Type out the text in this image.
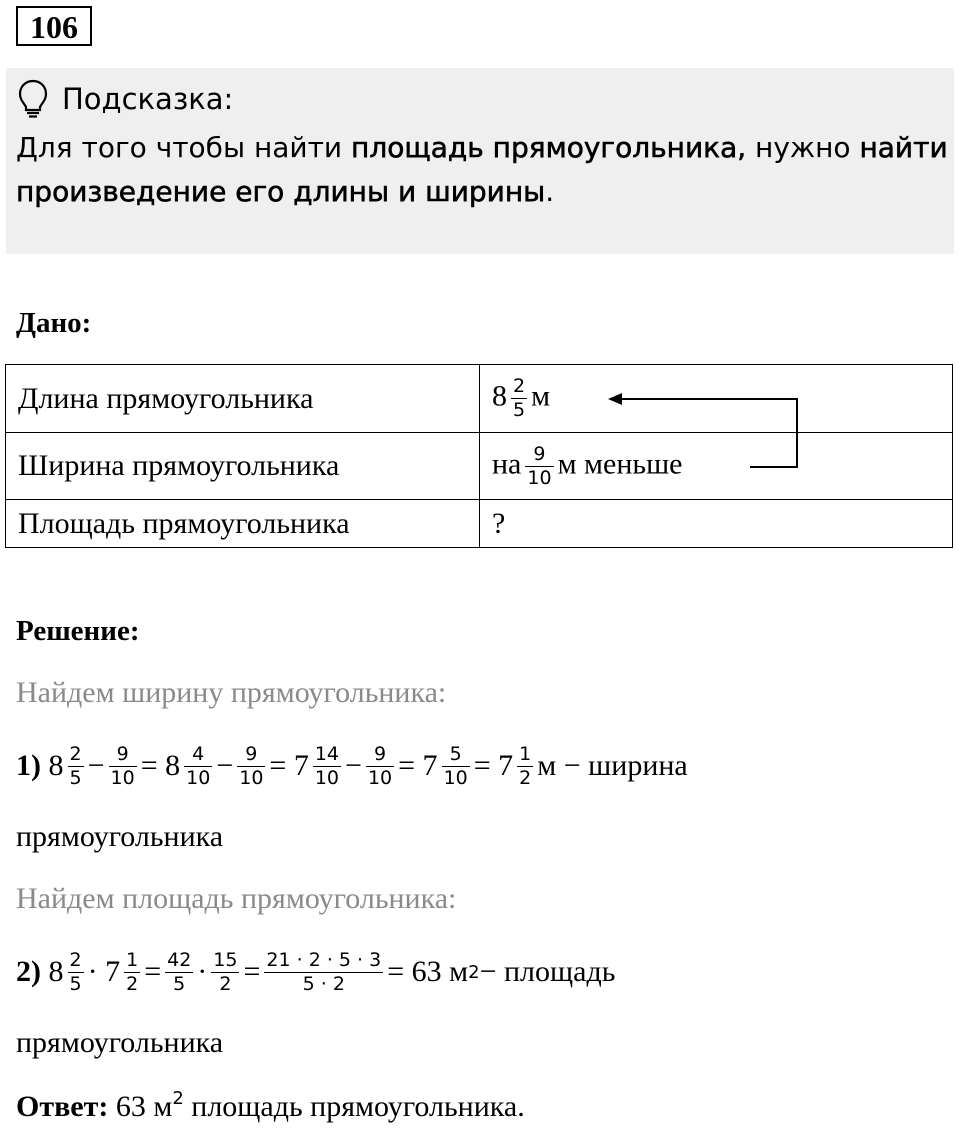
106
Подсказка:
Для того чтобы найти площадь прямоугольника, нужно найти произведение его длины и ширины.
Дано:
Длина прямоугольника	$8 \frac{2}{5}$ м
Ширина прямоугольника	на $\frac{9}{10}$ м меньше
Площадь прямоугольника	?
Решение:
Найдем ширину прямоугольника:
1) $8 \frac{2}{5} - \frac{9}{10} = 8 \frac{4}{10} - \frac{9}{10} = 7 \frac{14}{10} - \frac{9}{10} = 7 \frac{5}{10} = 7 \frac{1}{2}$ м − ширина
прямоугольника
Найдем площадь прямоугольника:
2) $8 \frac{2}{5} \cdot 7 \frac{1}{2} = \frac{42}{5} \cdot \frac{15}{2} = \frac{21 \cdot 2 \cdot 5 \cdot 3}{5 \cdot 2} = 63$ м 2 − площадь
прямоугольника
Ответ: 63 $м^2$ площадь прямоугольника.
